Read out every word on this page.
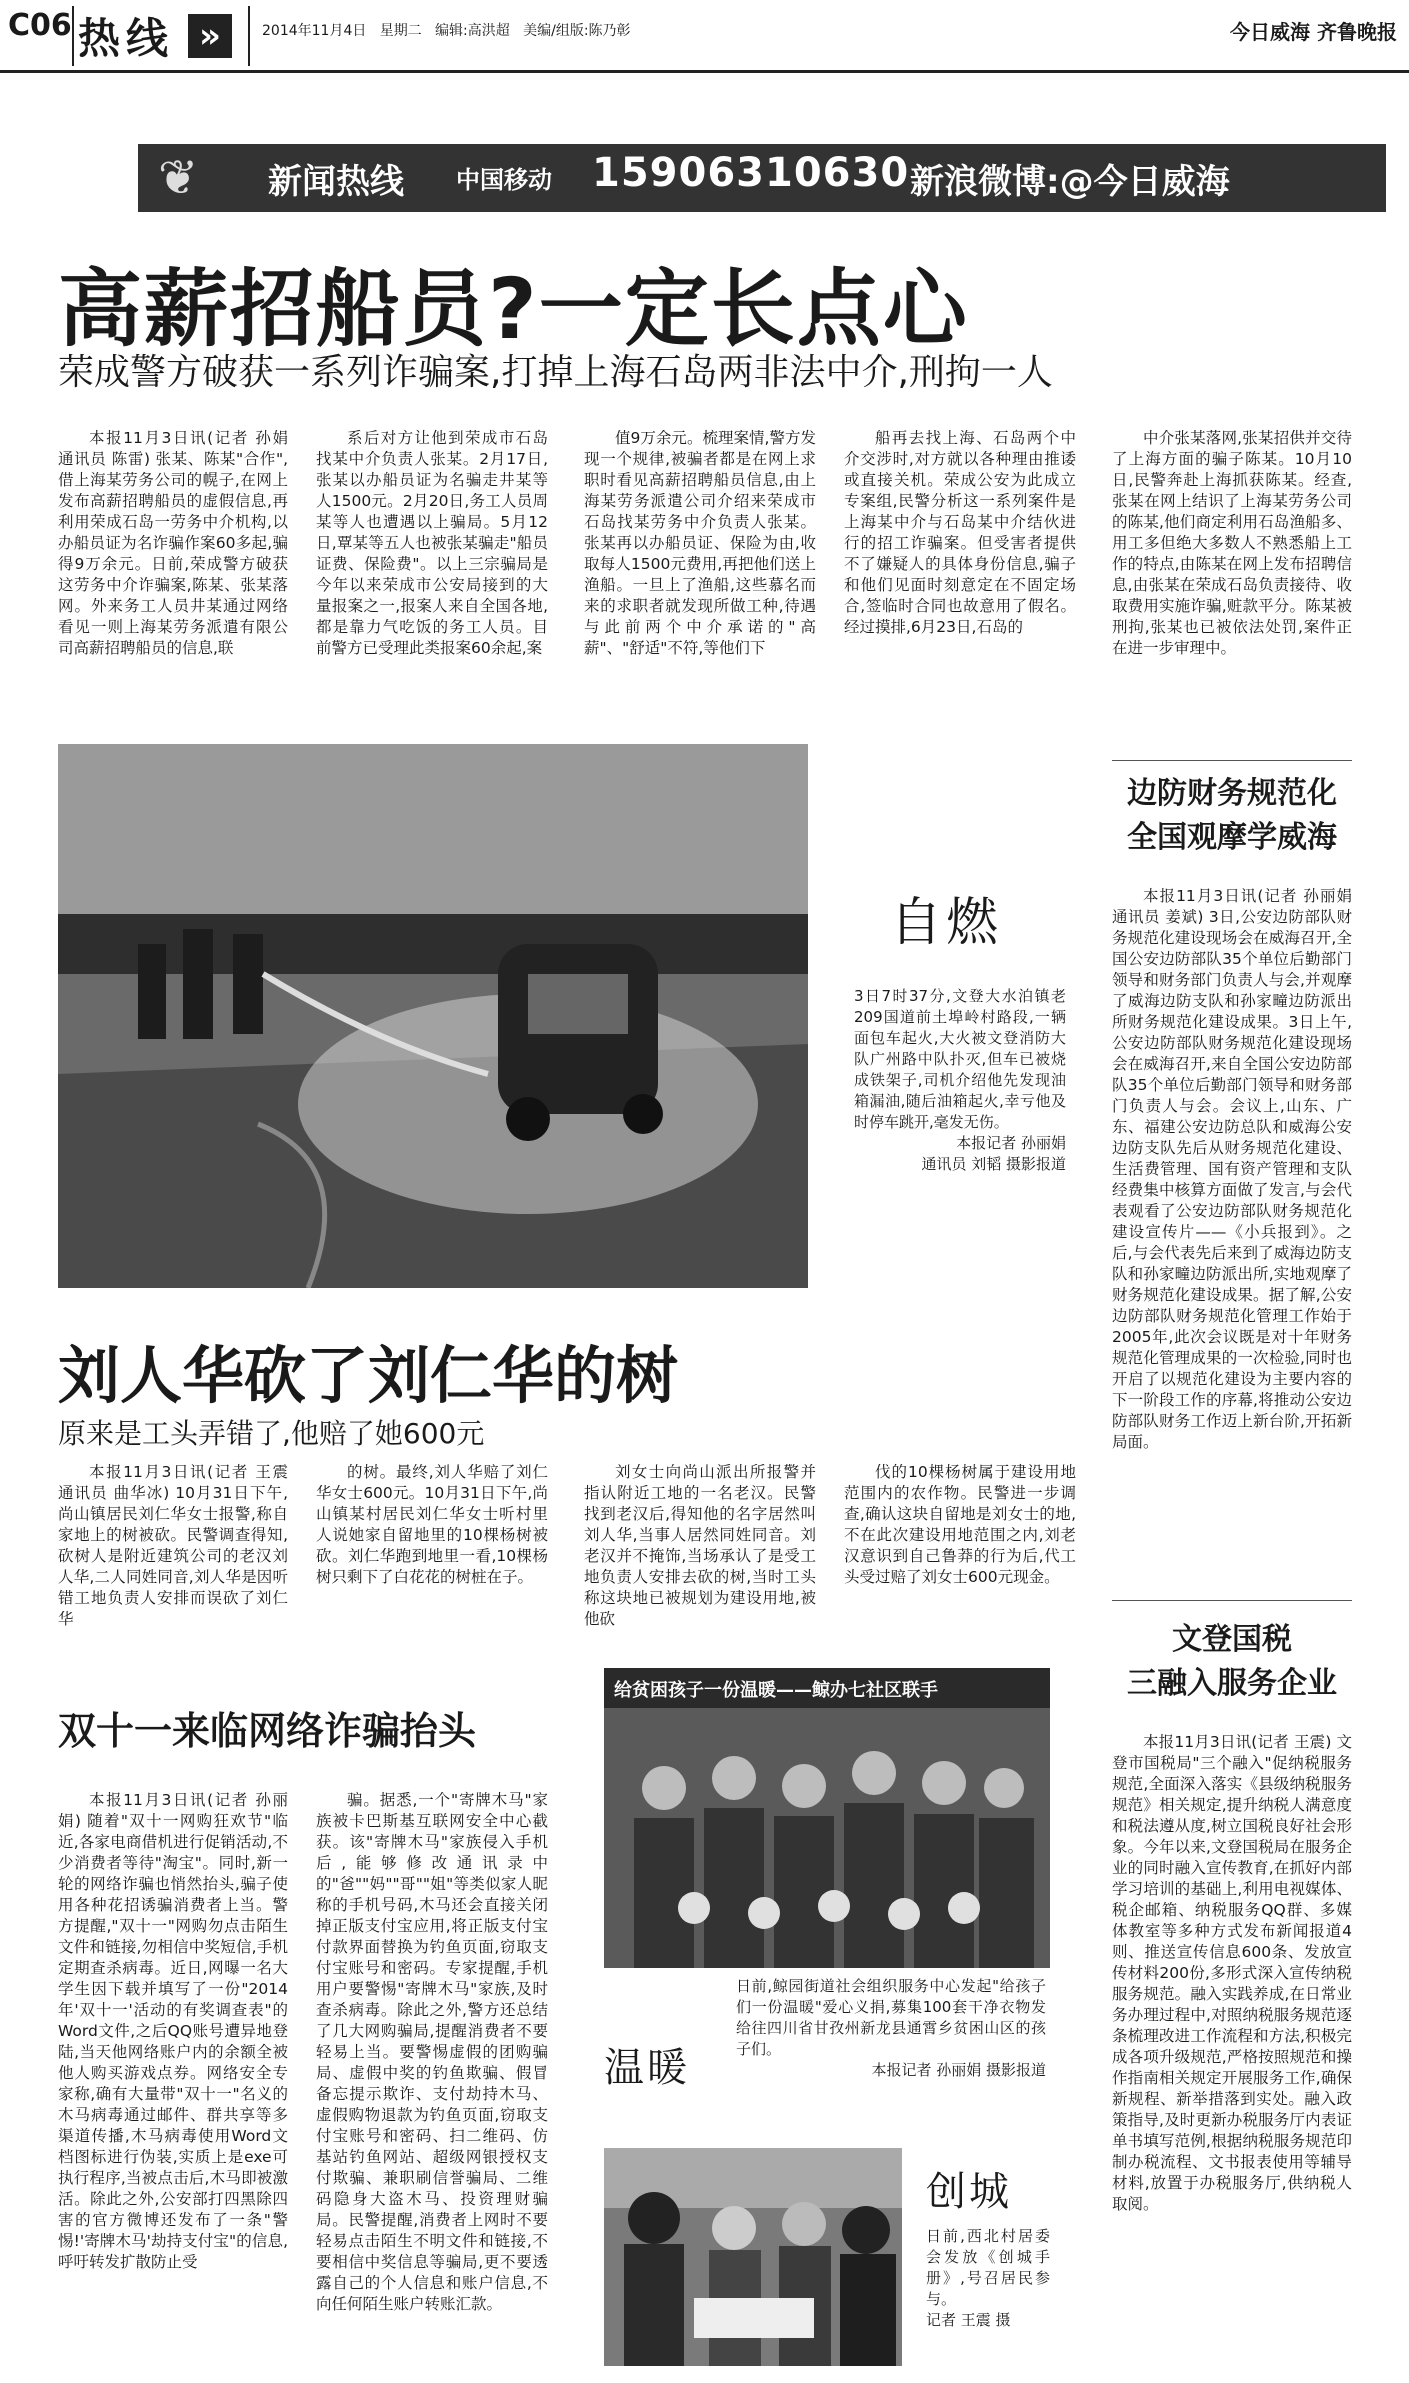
C06 热线 »	2014年11月4日   星期二   编辑:高洪超   美编/组版:陈乃彰	今日威海 齐鲁晚报
❦	新闻热线 中国移动 15906310630 新浪微博:@今日威海
高薪招船员?一定长点心
荣成警方破获一系列诈骗案,打掉上海石岛两非法中介,刑拘一人

本报11月3日讯(记者 孙娟 通讯员 陈雷) 张某、陈某"合作",借上海某劳务公司的幌子,在网上发布高薪招聘船员的虚假信息,再利用荣成石岛一劳务中介机构,以办船员证为名诈骗作案60多起,骗得9万余元。日前,荣成警方破获这劳务中介诈骗案,陈某、张某落网。外来务工人员井某通过网络看见一则上海某劳务派遣有限公司高薪招聘船员的信息,联

系后对方让他到荣成市石岛找某中介负责人张某。2月17日,张某以办船员证为名骗走井某等人1500元。2月20日,务工人员周某等人也遭遇以上骗局。5月12日,覃某等五人也被张某骗走"船员证费、保险费"。以上三宗骗局是今年以来荣成市公安局接到的大量报案之一,报案人来自全国各地,都是靠力气吃饭的务工人员。目前警方已受理此类报案60余起,案

值9万余元。梳理案情,警方发现一个规律,被骗者都是在网上求职时看见高薪招聘船员信息,由上海某劳务派遣公司介绍来荣成市石岛找某劳务中介负责人张某。张某再以办船员证、保险为由,收取每人1500元费用,再把他们送上渔船。一旦上了渔船,这些慕名而来的求职者就发现所做工种,待遇与此前两个中介承诺的"高薪"、"舒适"不符,等他们下

船再去找上海、石岛两个中介交涉时,对方就以各种理由推诿或直接关机。荣成公安为此成立专案组,民警分析这一系列案件是上海某中介与石岛某中介结伙进行的招工诈骗案。但受害者提供不了嫌疑人的具体身份信息,骗子和他们见面时刻意定在不固定场合,签临时合同也故意用了假名。经过摸排,6月23日,石岛的

中介张某落网,张某招供并交待了上海方面的骗子陈某。10月10日,民警奔赴上海抓获陈某。经查,张某在网上结识了上海某劳务公司的陈某,他们商定利用石岛渔船多、用工多但绝大多数人不熟悉船上工作的特点,由陈某在网上发布招聘信息,由张某在荣成石岛负责接待、收取费用实施诈骗,赃款平分。陈某被刑拘,张某也已被依法处罚,案件正在进一步审理中。

自燃
3日7时37分,文登大水泊镇老209国道前土埠岭村路段,一辆面包车起火,大火被文登消防大队广州路中队扑灭,但车已被烧成铁架子,司机介绍他先发现油箱漏油,随后油箱起火,幸亏他及时停车跳开,毫发无伤。
本报记者 孙丽娟
通讯员 刘韬 摄影报道
边防财务规范化
全国观摩学威海

本报11月3日讯(记者 孙丽娟 通讯员 姜斌) 3日,公安边防部队财务规范化建设现场会在威海召开,全国公安边防部队35个单位后勤部门领导和财务部门负责人与会,并观摩了威海边防支队和孙家疃边防派出所财务规范化建设成果。3日上午,公安边防部队财务规范化建设现场会在威海召开,来自全国公安边防部队35个单位后勤部门领导和财务部门负责人与会。会议上,山东、广东、福建公安边防总队和威海公安边防支队先后从财务规范化建设、生活费管理、国有资产管理和支队经费集中核算方面做了发言,与会代表观看了公安边防部队财务规范化建设宣传片——《小兵报到》。之后,与会代表先后来到了威海边防支队和孙家疃边防派出所,实地观摩了财务规范化建设成果。据了解,公安边防部队财务规范化管理工作始于2005年,此次会议既是对十年财务规范化管理成果的一次检验,同时也开启了以规范化建设为主要内容的下一阶段工作的序幕,将推动公安边防部队财务工作迈上新台阶,开拓新局面。

刘人华砍了刘仁华的树
原来是工头弄错了,他赔了她600元

本报11月3日讯(记者 王震 通讯员 曲华冰) 10月31日下午,尚山镇居民刘仁华女士报警,称自家地上的树被砍。民警调查得知,砍树人是附近建筑公司的老汉刘人华,二人同姓同音,刘人华是因听错工地负责人安排而误砍了刘仁华

的树。最终,刘人华赔了刘仁华女士600元。10月31日下午,尚山镇某村居民刘仁华女士听村里人说她家自留地里的10棵杨树被砍。刘仁华跑到地里一看,10棵杨树只剩下了白花花的树桩在子。

刘女士向尚山派出所报警并指认附近工地的一名老汉。民警找到老汉后,得知他的名字居然叫刘人华,当事人居然同姓同音。刘老汉并不掩饰,当场承认了是受工地负责人安排去砍的树,当时工头称这块地已被规划为建设用地,被他砍

伐的10棵杨树属于建设用地范围内的农作物。民警进一步调查,确认这块自留地是刘女士的地,不在此次建设用地范围之内,刘老汉意识到自己鲁莽的行为后,代工头受过赔了刘女士600元现金。

文登国税
三融入服务企业

本报11月3日讯(记者 王震) 文登市国税局"三个融入"促纳税服务规范,全面深入落实《县级纳税服务规范》相关规定,提升纳税人满意度和税法遵从度,树立国税良好社会形象。今年以来,文登国税局在服务企业的同时融入宣传教育,在抓好内部学习培训的基础上,利用电视媒体、税企邮箱、纳税服务QQ群、多媒体教室等多种方式发布新闻报道4则、推送宣传信息600条、发放宣传材料200份,多形式深入宣传纳税服务规范。融入实践养成,在日常业务办理过程中,对照纳税服务规范逐条梳理改进工作流程和方法,积极完成各项升级规范,严格按照规范和操作指南相关规定开展服务工作,确保新规程、新举措落到实处。融入政策指导,及时更新办税服务厅内表证单书填写范例,根据纳税服务规范印制办税流程、文书报表使用等辅导材料,放置于办税服务厅,供纳税人取阅。

双十一来临网络诈骗抬头

本报11月3日讯(记者 孙丽娟) 随着"双十一网购狂欢节"临近,各家电商借机进行促销活动,不少消费者等待"淘宝"。同时,新一轮的网络诈骗也悄然抬头,骗子使用各种花招诱骗消费者上当。警方提醒,"双十一"网购勿点击陌生文件和链接,勿相信中奖短信,手机定期查杀病毒。近日,网曝一名大学生因下载并填写了一份"2014年'双十一'活动的有奖调查表"的Word文件,之后QQ账号遭异地登陆,当天他网络账户内的余额全被他人购买游戏点券。网络安全专家称,确有大量带"双十一"名义的木马病毒通过邮件、群共享等多渠道传播,木马病毒使用Word文档图标进行伪装,实质上是exe可执行程序,当被点击后,木马即被激活。除此之外,公安部打四黑除四害的官方微博还发布了一条"警惕!'寄牌木马'劫持支付宝"的信息,呼吁转发扩散防止受

骗。据悉,一个"寄牌木马"家族被卡巴斯基互联网安全中心截获。该"寄牌木马"家族侵入手机后,能够修改通讯录中的"爸""妈""哥""姐"等类似家人昵称的手机号码,木马还会直接关闭掉正版支付宝应用,将正版支付宝付款界面替换为钓鱼页面,窃取支付宝账号和密码。专家提醒,手机用户要警惕"寄牌木马"家族,及时查杀病毒。除此之外,警方还总结了几大网购骗局,提醒消费者不要轻易上当。要警惕虚假的团购骗局、虚假中奖的钓鱼欺骗、假冒备忘提示欺诈、支付劫持木马、虚假购物退款为钓鱼页面,窃取支付宝账号和密码、扫二维码、仿基站钓鱼网站、超级网银授权支付欺骗、兼职刷信誉骗局、二维码隐身大盗木马、投资理财骗局。民警提醒,消费者上网时不要轻易点击陌生不明文件和链接,不要相信中奖信息等骗局,更不要透露自己的个人信息和账户信息,不向任何陌生账户转账汇款。

给贫困孩子一份温暖——鲸办七社区联手
温暖
日前,鲸园街道社会组织服务中心发起"给孩子们一份温暖"爱心义捐,募集100套干净衣物发给往四川省甘孜州新龙县通霄乡贫困山区的孩子们。
本报记者 孙丽娟 摄影报道
创城
日前,西北村居委会发放《创城手册》,号召居民参与。
记者 王震 摄
